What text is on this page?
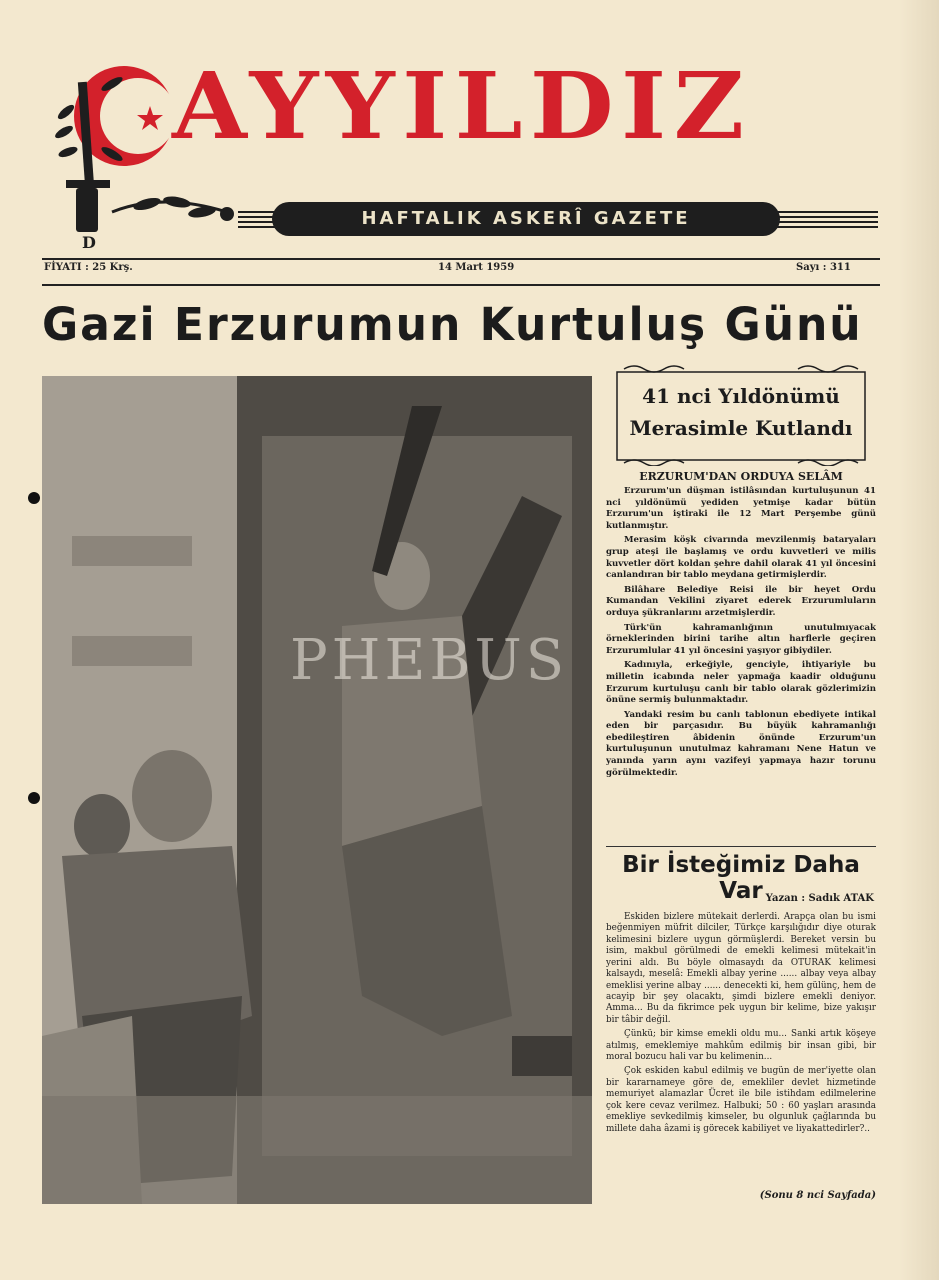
D
AYYILDIZ
HAFTALIK ASKERÎ GAZETE
FİYATI : 25 Krş.	14 Mart 1959	Sayı : 311
Gazi Erzurumun Kurtuluş Günü
PHEBUS
41 nci Yıldönümü
Merasimle Kutlandı
ERZURUM'DAN ORDUYA SELÂM

Erzurum'un düşman istilâsından kurtuluşunun 41 nci yıldönümü yediden yetmişe kadar bütün Erzurum'un iştiraki ile 12 Mart Perşembe günü kutlanmıştır.

Merasim köşk civarında mevzilenmiş bataryaları grup ateşi ile başlamış ve ordu kuvvetleri ve milis kuvvetler dört koldan şehre dahil olarak 41 yıl öncesini canlandıran bir tablo meydana getirmişlerdir.

Bilâhare Belediye Reisi ile bir heyet Ordu Kumandan Vekilini ziyaret ederek Erzurumluların orduya şükranlarını arzetmişlerdir.

Türk'ün kahramanlığının unutulmıyacak örneklerinden birini tarihe altın harflerle geçiren Erzurumlular 41 yıl öncesini yaşıyor gibiydiler.

Kadınıyla, erkeğiyle, genciyle, ihtiyariyle bu milletin icabında neler yapmağa kaadir olduğunu Erzurum kurtuluşu canlı bir tablo olarak gözlerimizin önüne sermiş bulunmaktadır.

Yandaki resim bu canlı tablonun ebediyete intikal eden bir parçasıdır. Bu büyük kahramanlığı ebedileştiren âbidenin önünde Erzurum'un kurtuluşunun unutulmaz kahramanı Nene Hatun ve yanında yarın aynı vazifeyi yapmaya hazır torunu görülmektedir.

Bir İsteğimiz Daha Var Yazan : Sadık ATAK

Eskiden bizlere mütekait derlerdi. Arapça olan bu ismi beğenmiyen müfrit dilciler, Türkçe karşılığıdır diye oturak kelimesini bizlere uygun görmüşlerdi. Bereket versin bu isim, makbul görülmedi de emekli kelimesi mütekait'in yerini aldı. Bu böyle olmasaydı da OTURAK kelimesi kalsaydı, meselâ: Emekli albay yerine ...... albay veya albay emeklisi yerine albay ...... denecekti ki, hem gülünç, hem de acayip bir şey olacaktı, şimdi bizlere emekli deniyor. Amma... Bu da fikrimce pek uygun bir kelime, bize yakışır bir tâbir değil.

Çünkü; bir kimse emekli oldu mu... Sanki artık köşeye atılmış, emeklemiye mahkûm edilmiş bir insan gibi, bir moral bozucu hali var bu kelimenin...

Çok eskiden kabul edilmiş ve bugün de mer'iyette olan bir kararnameye göre de, emekliler devlet hizmetinde memuriyet alamazlar Ücret ile bile istihdam edilmelerine çok kere cevaz verilmez. Halbuki; 50 : 60 yaşları arasında emekliye sevkedilmiş kimseler, bu olgunluk çağlarında bu millete daha âzami iş görecek kabiliyet ve liyakattedirler?..

(Sonu 8 nci Sayfada)
